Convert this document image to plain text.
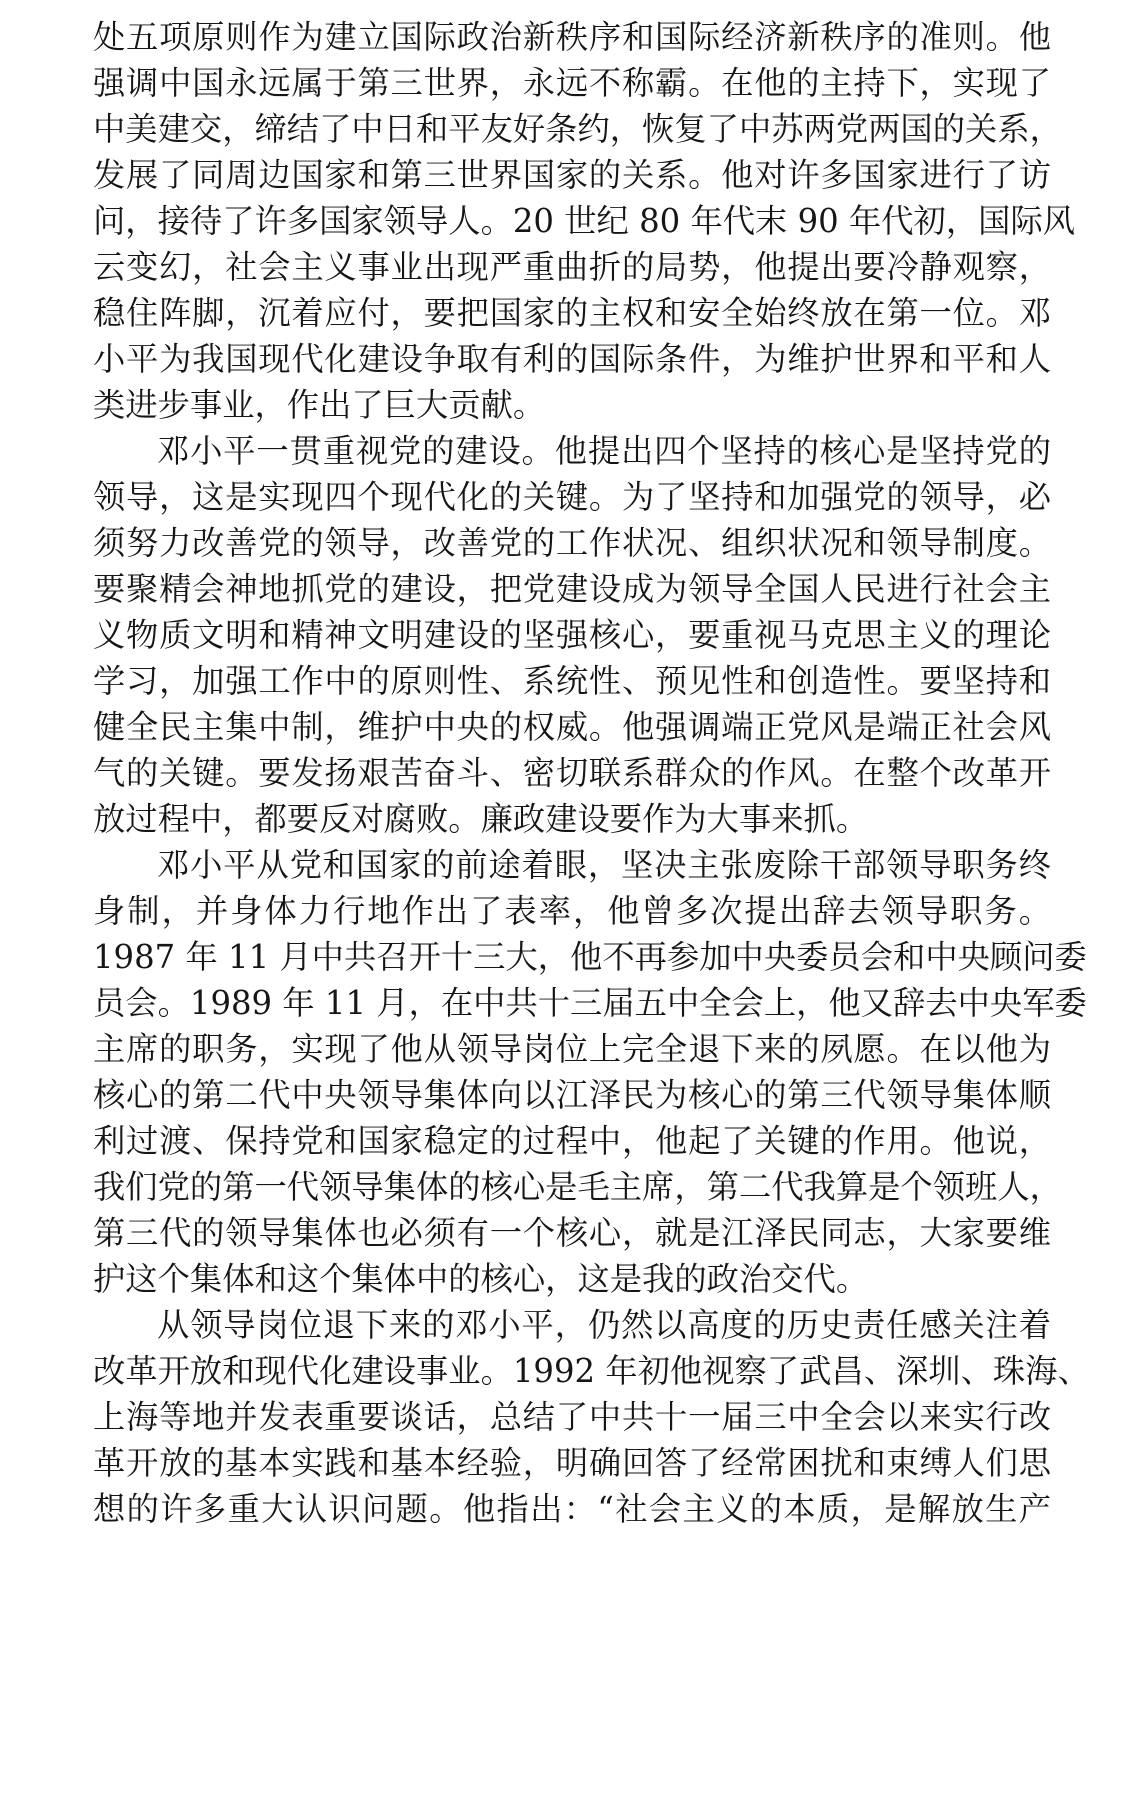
处五项原则作为建立国际政治新秩序和国际经济新秩序的准则。他
强调中国永远属于第三世界，永远不称霸。在他的主持下，实现了
中美建交，缔结了中日和平友好条约，恢复了中苏两党两国的关系，
发展了同周边国家和第三世界国家的关系。他对许多国家进行了访
问，接待了许多国家领导人。20 世纪 80 年代末 90 年代初，国际风
云变幻，社会主义事业出现严重曲折的局势，他提出要冷静观察，
稳住阵脚，沉着应付，要把国家的主权和安全始终放在第一位。邓
小平为我国现代化建设争取有利的国际条件，为维护世界和平和人
类进步事业，作出了巨大贡献。

邓小平一贯重视党的建设。他提出四个坚持的核心是坚持党的
领导，这是实现四个现代化的关键。为了坚持和加强党的领导，必
须努力改善党的领导，改善党的工作状况、组织状况和领导制度。
要聚精会神地抓党的建设，把党建设成为领导全国人民进行社会主
义物质文明和精神文明建设的坚强核心，要重视马克思主义的理论
学习，加强工作中的原则性、系统性、预见性和创造性。要坚持和
健全民主集中制，维护中央的权威。他强调端正党风是端正社会风
气的关键。要发扬艰苦奋斗、密切联系群众的作风。在整个改革开
放过程中，都要反对腐败。廉政建设要作为大事来抓。

邓小平从党和国家的前途着眼，坚决主张废除干部领导职务终
身制，并身体力行地作出了表率，他曾多次提出辞去领导职务。
1987 年 11 月中共召开十三大，他不再参加中央委员会和中央顾问委
员会。1989 年 11 月，在中共十三届五中全会上，他又辞去中央军委
主席的职务，实现了他从领导岗位上完全退下来的夙愿。在以他为
核心的第二代中央领导集体向以江泽民为核心的第三代领导集体顺
利过渡、保持党和国家稳定的过程中，他起了关键的作用。他说，
我们党的第一代领导集体的核心是毛主席，第二代我算是个领班人，
第三代的领导集体也必须有一个核心，就是江泽民同志，大家要维
护这个集体和这个集体中的核心，这是我的政治交代。

从领导岗位退下来的邓小平，仍然以高度的历史责任感关注着
改革开放和现代化建设事业。1992 年初他视察了武昌、深圳、珠海、
上海等地并发表重要谈话，总结了中共十一届三中全会以来实行改
革开放的基本实践和基本经验，明确回答了经常困扰和束缚人们思
想的许多重大认识问题。他指出：“社会主义的本质，是解放生产
